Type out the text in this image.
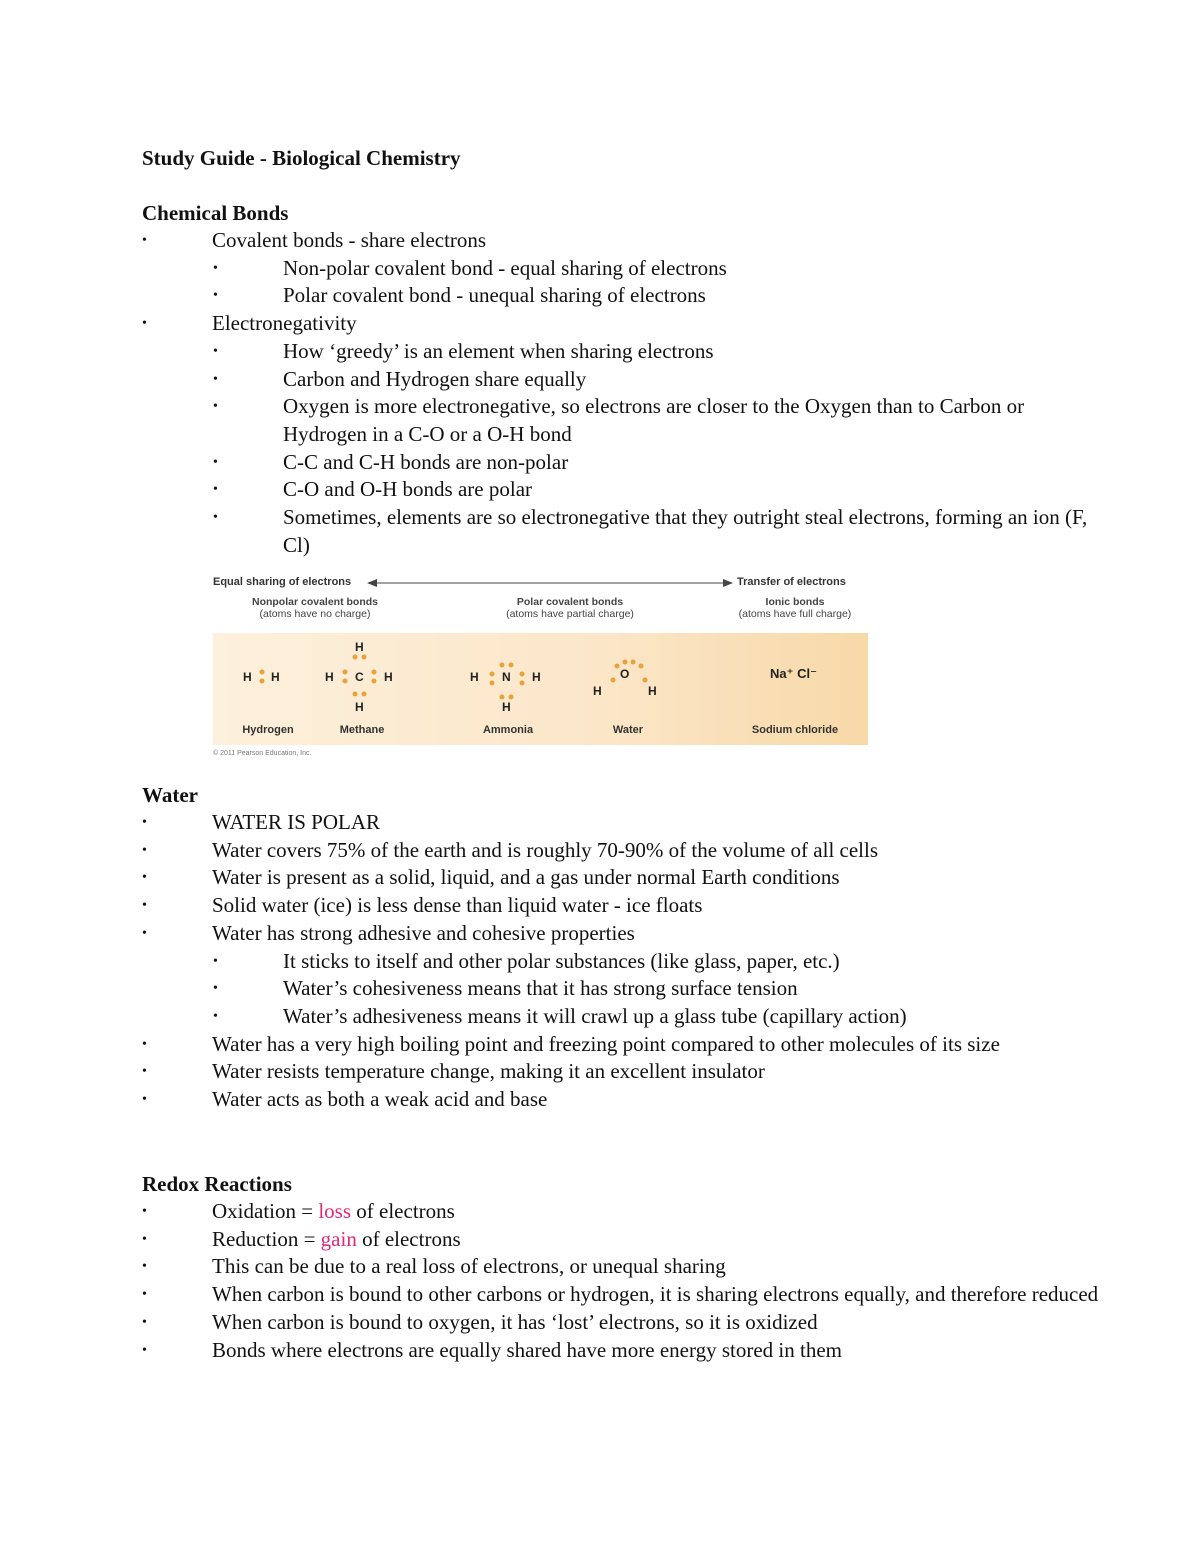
Study Guide - Biological Chemistry
Chemical Bonds
•	Covalent bonds - share electrons
•	Non-polar covalent bond - equal sharing of electrons
•	Polar covalent bond - unequal sharing of electrons
•	Electronegativity
•	How ‘greedy’ is an element when sharing electrons
•	Carbon and Hydrogen share equally
•	Oxygen is more electronegative, so electrons are closer to the Oxygen than to Carbon or Hydrogen in a C-O or a O-H bond
•	C-C and C-H bonds are non-polar
•	C-O and O-H bonds are polar
•	Sometimes, elements are so electronegative that they outright steal electrons, forming an ion (F, Cl)
Equal sharing of electrons	Transfer of electrons
Nonpolar covalent bonds
(atoms have no charge)
Polar covalent bonds
(atoms have partial charge)
Ionic bonds
(atoms have full charge)
H H
H
H C H
H
H N H
H
O
H	H
Na⁺ Cl⁻
Hydrogen	Methane	Ammonia	Water	Sodium chloride
© 2011 Pearson Education, Inc.
Water
•	WATER IS POLAR
•	Water covers 75% of the earth and is roughly 70-90% of the volume of all cells
•	Water is present as a solid, liquid, and a gas under normal Earth conditions
•	Solid water (ice) is less dense than liquid water - ice floats
•	Water has strong adhesive and cohesive properties
•	It sticks to itself and other polar substances (like glass, paper, etc.)
•	Water’s cohesiveness means that it has strong surface tension
•	Water’s adhesiveness means it will crawl up a glass tube (capillary action)
•	Water has a very high boiling point and freezing point compared to other molecules of its size
•	Water resists temperature change, making it an excellent insulator
•	Water acts as both a weak acid and base
Redox Reactions
•	Oxidation = loss of electrons
•	Reduction = gain of electrons
•	This can be due to a real loss of electrons, or unequal sharing
•	When carbon is bound to other carbons or hydrogen, it is sharing electrons equally, and therefore reduced
•	When carbon is bound to oxygen, it has ‘lost’ electrons, so it is oxidized
•	Bonds where electrons are equally shared have more energy stored in them
